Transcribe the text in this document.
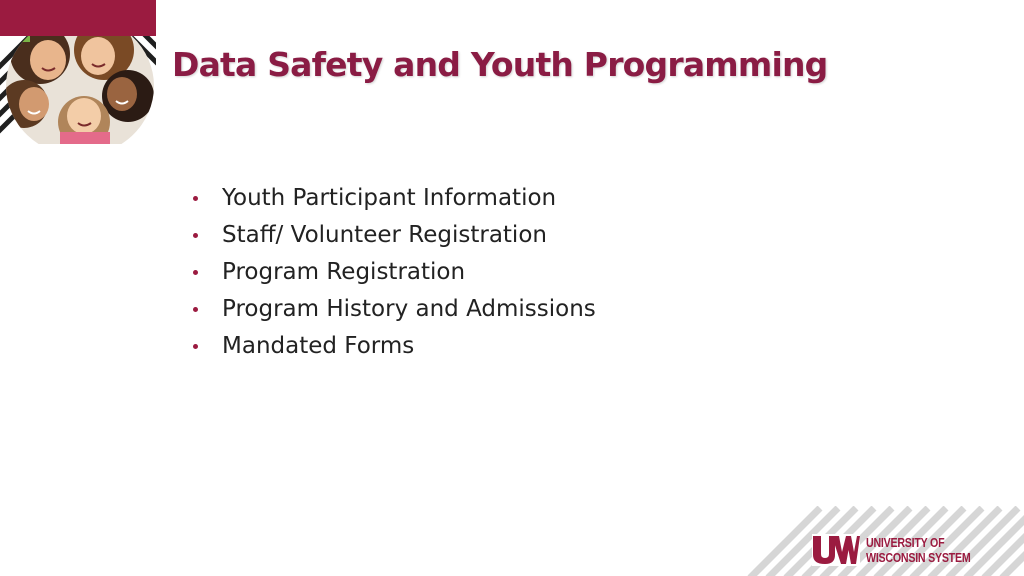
Data Safety and Youth Programming
Youth Participant Information
Staff/ Volunteer Registration
Program Registration
Program History and Admissions
Mandated Forms
UNIVERSITY OF
WISCONSIN SYSTEM
